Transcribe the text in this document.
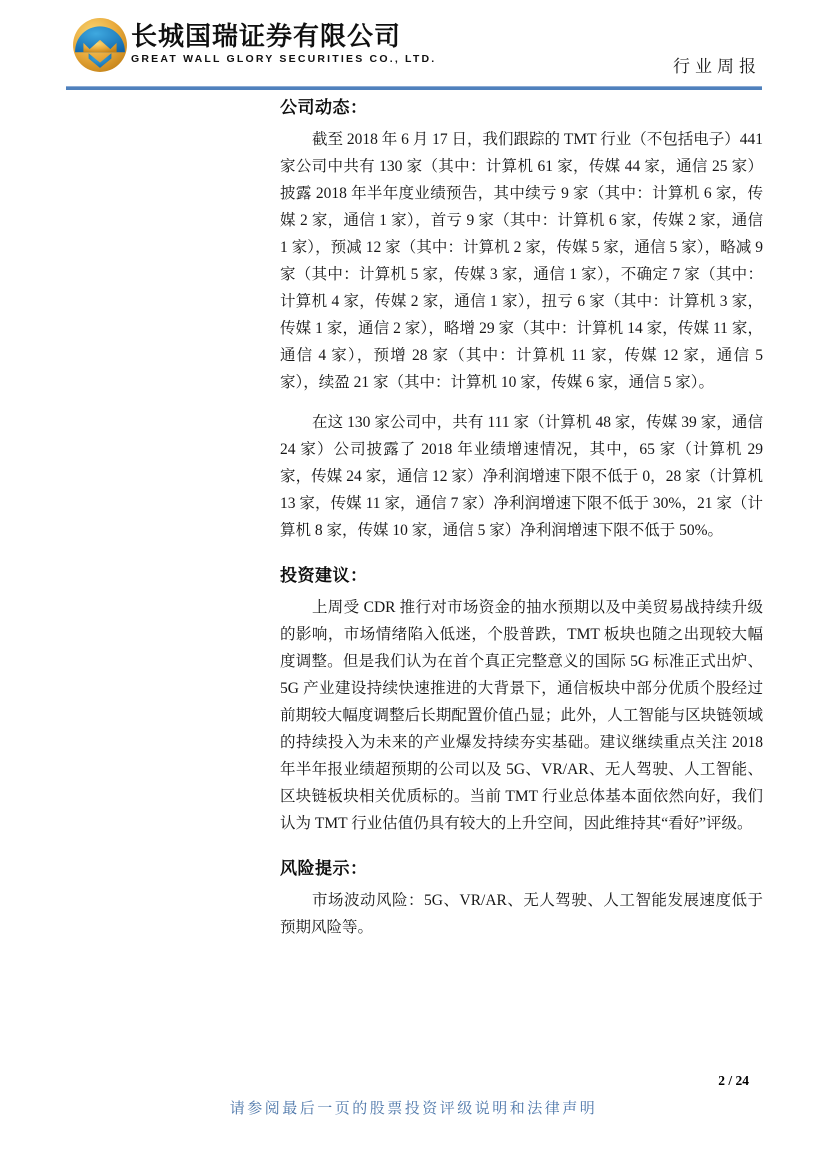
长城国瑞证券有限公司
GREAT WALL GLORY SECURITIES CO., LTD.	行业周报
公司动态：

截至 2018 年 6 月 17 日，我们跟踪的 TMT 行业（不包括电子）441 家公司中共有 130 家（其中：计算机 61 家，传媒 44 家，通信 25 家）披露 2018 年半年度业绩预告，其中续亏 9 家（其中：计算机 6 家，传媒 2 家，通信 1 家），首亏 9 家（其中：计算机 6 家，传媒 2 家，通信 1 家），预减 12 家（其中：计算机 2 家，传媒 5 家，通信 5 家），略减 9 家（其中：计算机 5 家，传媒 3 家，通信 1 家），不确定 7 家（其中：计算机 4 家，传媒 2 家，通信 1 家），扭亏 6 家（其中：计算机 3 家，传媒 1 家，通信 2 家），略增 29 家（其中：计算机 14 家，传媒 11 家，通信 4 家），预增 28 家（其中：计算机 11 家，传媒 12 家，通信 5 家），续盈 21 家（其中：计算机 10 家，传媒 6 家，通信 5 家）。

在这 130 家公司中，共有 111 家（计算机 48 家，传媒 39 家，通信 24 家）公司披露了 2018 年业绩增速情况，其中，65 家（计算机 29 家，传媒 24 家，通信 12 家）净利润增速下限不低于 0，28 家（计算机 13 家，传媒 11 家，通信 7 家）净利润增速下限不低于 30%，21 家（计算机 8 家，传媒 10 家，通信 5 家）净利润增速下限不低于 50%。

投资建议：

上周受 CDR 推行对市场资金的抽水预期以及中美贸易战持续升级的影响，市场情绪陷入低迷，个股普跌，TMT 板块也随之出现较大幅度调整。但是我们认为在首个真正完整意义的国际 5G 标准正式出炉、5G 产业建设持续快速推进的大背景下，通信板块中部分优质个股经过前期较大幅度调整后长期配置价值凸显；此外，人工智能与区块链领域的持续投入为未来的产业爆发持续夯实基础。建议继续重点关注 2018 年半年报业绩超预期的公司以及 5G、VR/AR、无人驾驶、人工智能、区块链板块相关优质标的。当前 TMT 行业总体基本面依然向好，我们认为 TMT 行业估值仍具有较大的上升空间，因此维持其“看好”评级。

风险提示：

市场波动风险：5G、VR/AR、无人驾驶、人工智能发展速度低于预期风险等。

2 / 24
请参阅最后一页的股票投资评级说明和法律声明
